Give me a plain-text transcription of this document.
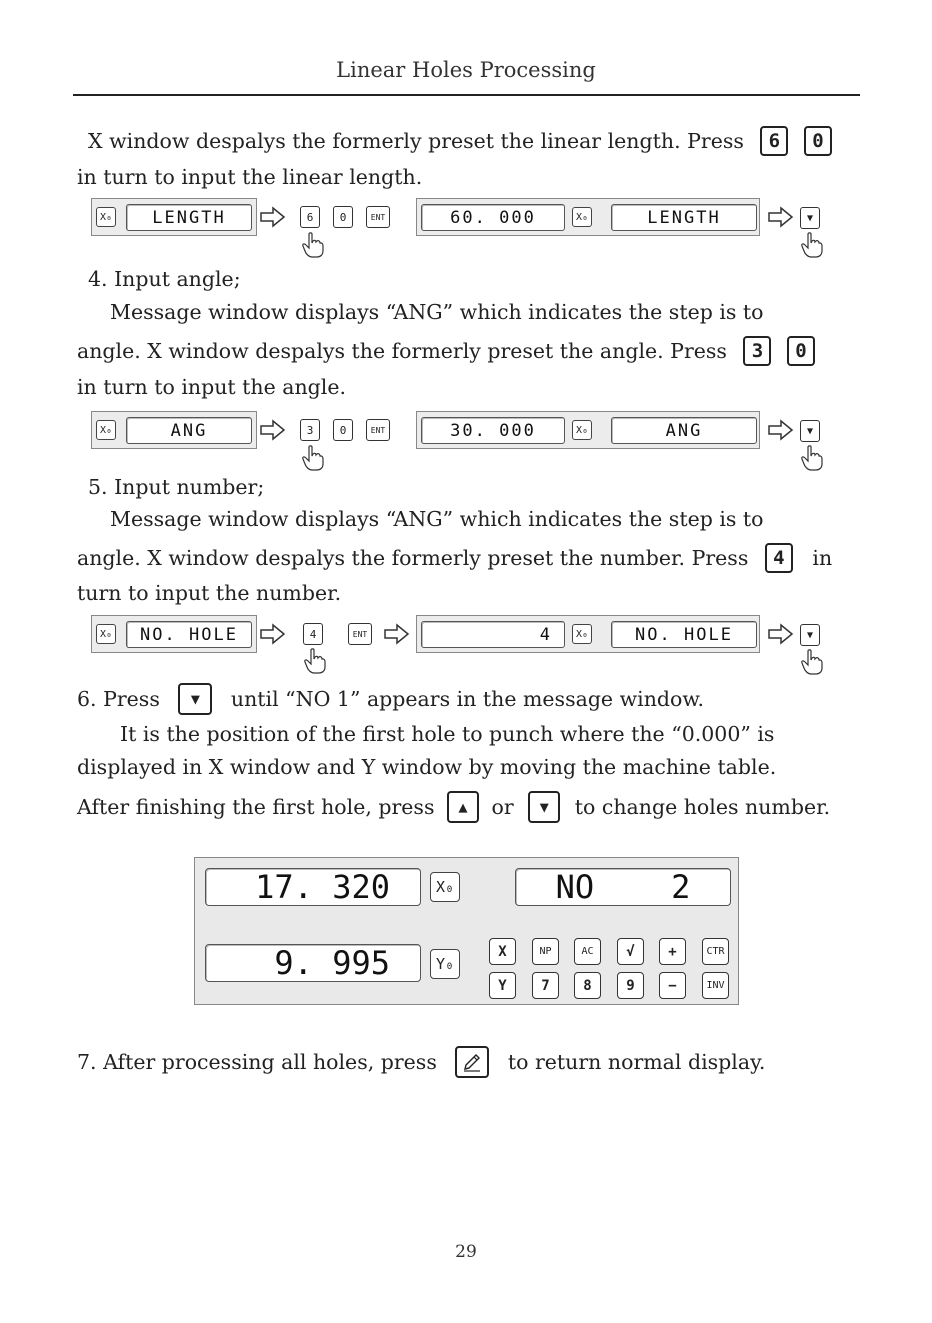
Linear Holes Processing
X window despalys the formerly preset the linear length. Press 6 0
in turn to input the linear length.
X₀	LENGTH	6	0	ENT	60. 000	X₀	LENGTH	▼
4. Input angle;
Message window displays “ANG” which indicates the step is to
angle. X window despalys the formerly preset the angle. Press 3 0
in turn to input the angle.
X₀	ANG	3	0	ENT	30. 000	X₀	ANG	▼
5. Input number;
Message window displays “ANG” which indicates the step is to
angle. X window despalys the formerly preset the number. Press 4 in
turn to input the number.
X₀	NO. HOLE	4	ENT	4	X₀	NO. HOLE	▼
6. Press ▼ until “NO 1” appears in the message window.
It is the position of the first hole to punch where the “0.000” is
displayed in X window and Y window by moving the machine table.
After finishing the first hole, press ▲ or ▼ to change holes number.
17. 320	X₀	NO    2
9. 995	Y₀
X	NP	AC	√	+	CTR
Y	7	8	9	−	INV
7. After processing all holes, press	to return normal display.
29
